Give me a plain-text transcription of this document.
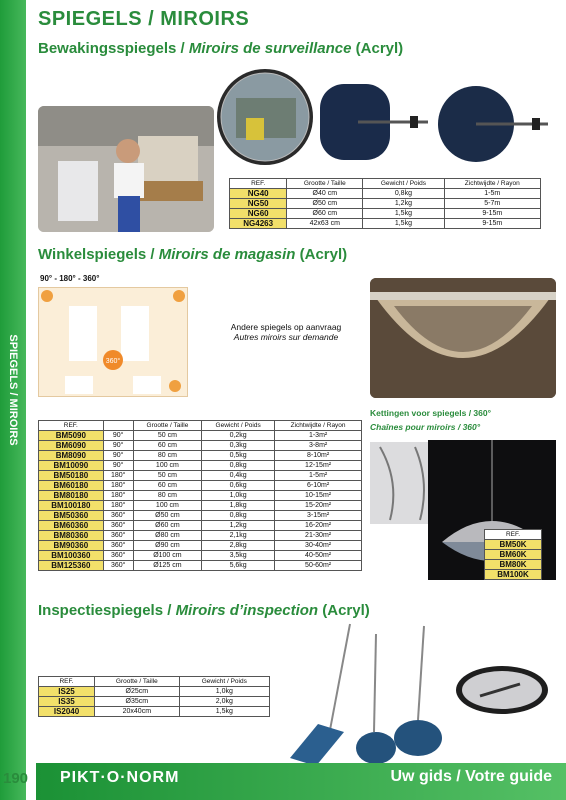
SPIEGELS / MIROIRS
SPIEGELS / MIROIRS
Bewakingsspiegels / Miroirs de surveillance (Acryl)
REF.	Grootte / Taille	Gewicht / Poids	Zichtwijdte / Rayon
NG40	Ø40 cm	0,8kg	1-5m
NG50	Ø50 cm	1,2kg	5-7m
NG60	Ø60 cm	1,5kg	9-15m
NG4263	42x63 cm	1,5kg	9-15m
Winkelspiegels / Miroirs de magasin (Acryl)
90° - 180° - 360°
360°
Andere spiegels op aanvraag
Autres miroirs sur demande
REF.		Grootte / Taille	Gewicht / Poids	Zichtwijdte / Rayon
BM5090	90°	50 cm	0,2kg	1-3m²
BM6090	90°	60 cm	0,3kg	3-8m²
BM8090	90°	80 cm	0,5kg	8-10m²
BM10090	90°	100 cm	0,8kg	12-15m²
BM50180	180°	50 cm	0,4kg	1-5m²
BM60180	180°	60 cm	0,6kg	6-10m²
BM80180	180°	80 cm	1,0kg	10-15m²
BM100180	180°	100 cm	1,8kg	15-20m²
BM50360	360°	Ø50 cm	0,8kg	3-15m²
BM60360	360°	Ø60 cm	1,2kg	16-20m²
BM80360	360°	Ø80 cm	2,1kg	21-30m²
BM90360	360°	Ø90 cm	2,8kg	30-40m²
BM100360	360°	Ø100 cm	3,5kg	40-50m²
BM125360	360°	Ø125 cm	5,6kg	50-60m²
Kettingen voor spiegels / 360°
Chaînes pour miroirs / 360°
REF.
BM50K
BM60K
BM80K
BM100K
Inspectiespiegels / Miroirs d’inspection (Acryl)
REF.	Grootte / Taille	Gewicht / Poids
IS25	Ø25cm	1,0kg
IS35	Ø35cm	2,0kg
IS2040	20x40cm	1,5kg
190 PIKT·O·NORM	Uw gids / Votre guide
